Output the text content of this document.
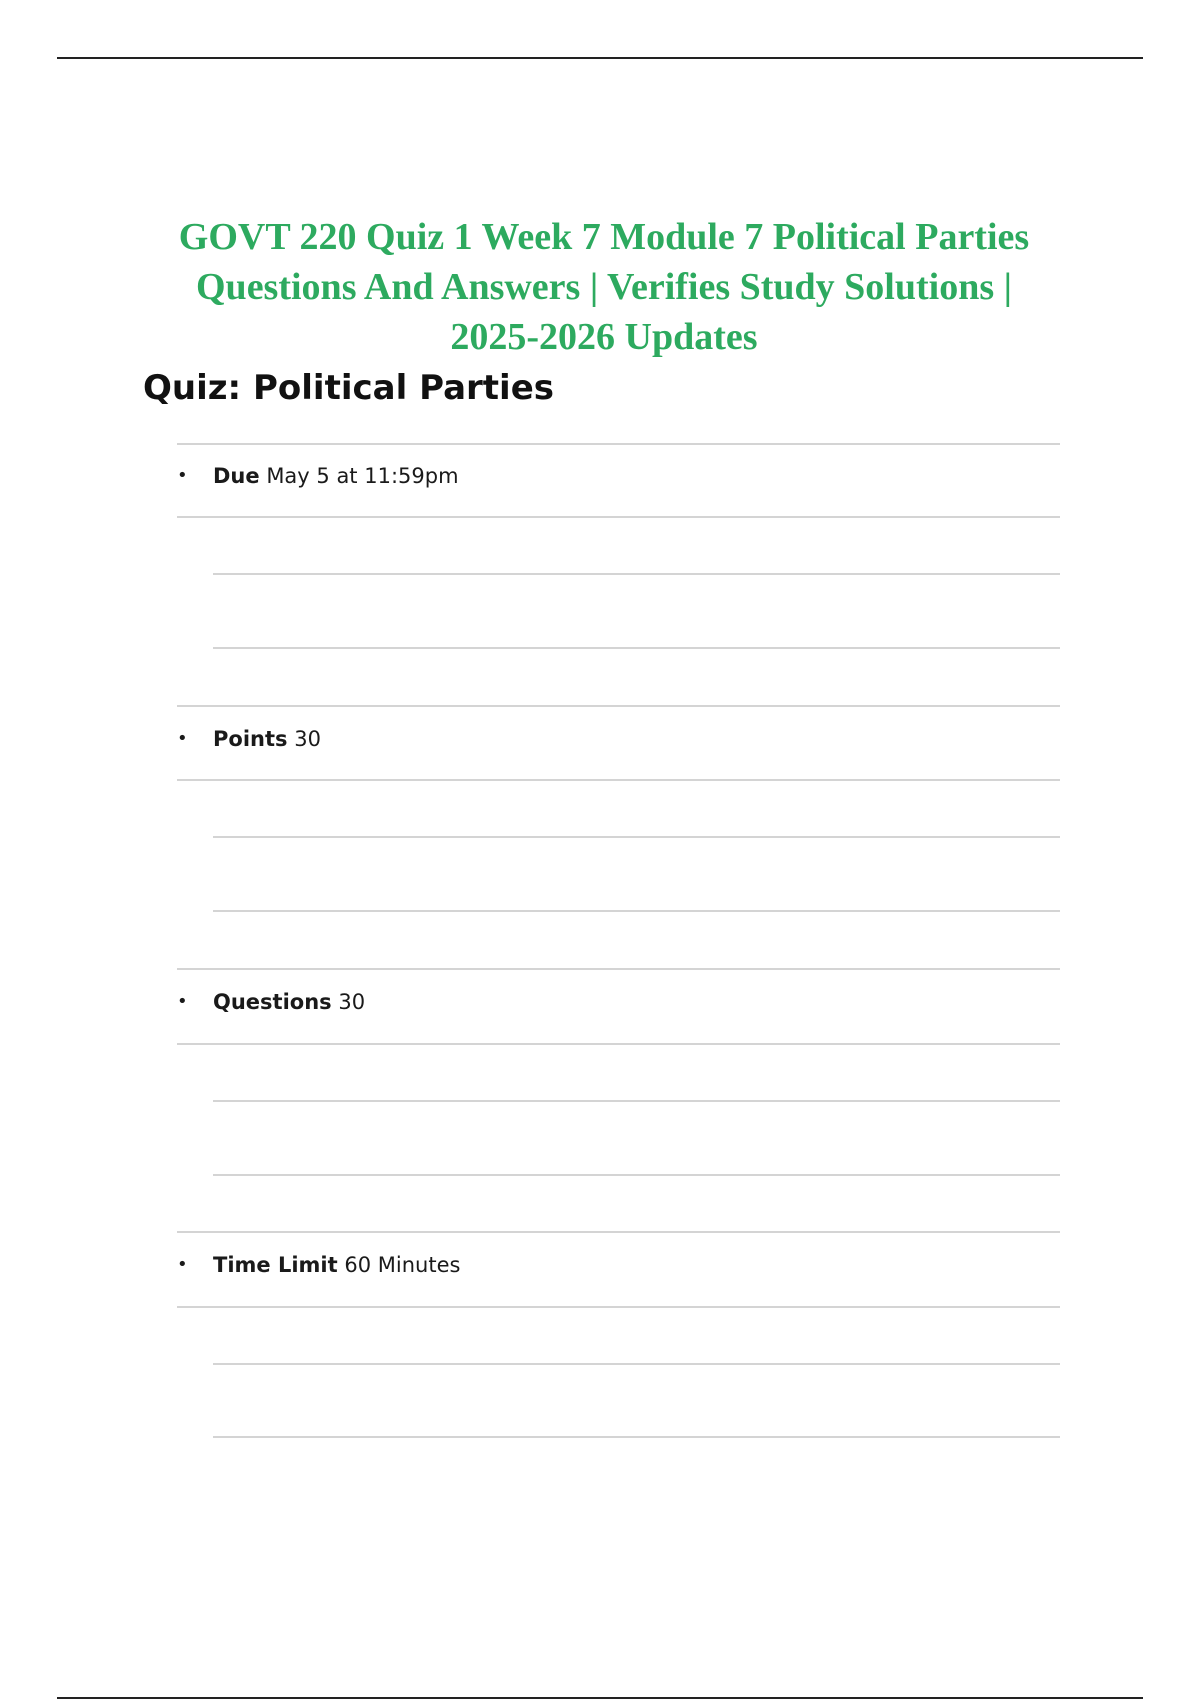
GOVT 220 Quiz 1 Week 7 Module 7 Political Parties
Questions And Answers | Verifies Study Solutions |
2025-2026 Updates
Quiz: Political Parties
• Due May 5 at 11:59pm
• Points 30
• Questions 30
• Time Limit 60 Minutes
